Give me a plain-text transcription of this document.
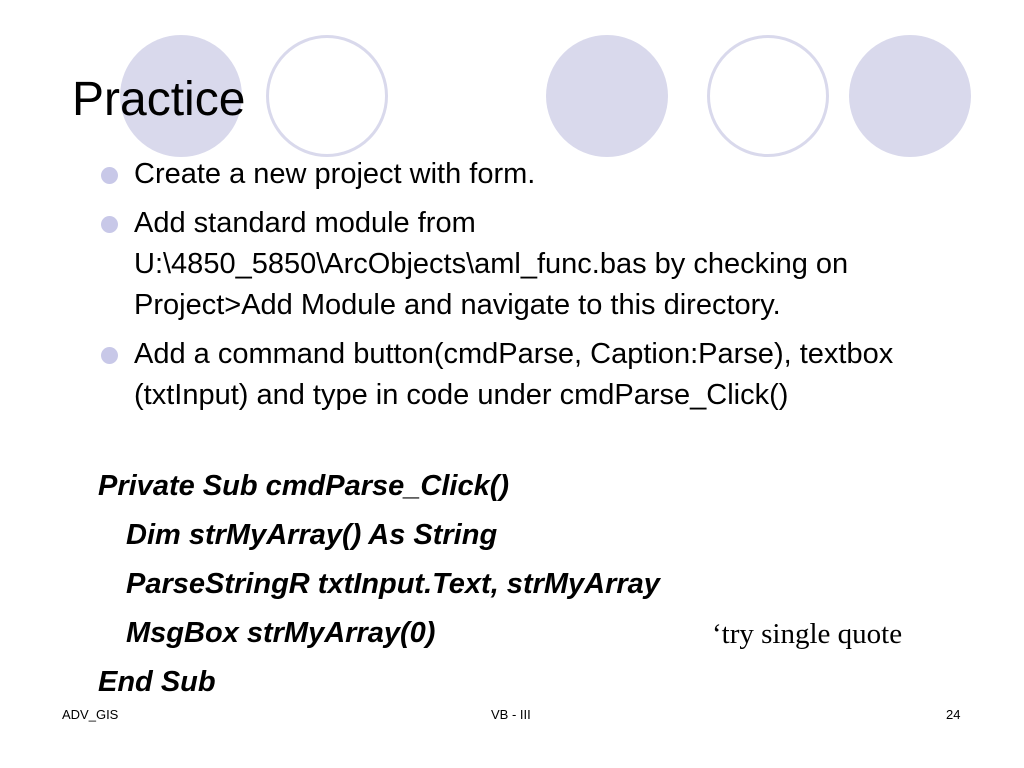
Practice
Create a new project with form.
Add standard module from U:\4850_5850\ArcObjects\aml_func.bas by checking on Project>Add Module and navigate to this directory.
Add a command button(cmdParse, Caption:Parse), textbox (txtInput) and type in code under cmdParse_Click()
Private Sub cmdParse_Click()
Dim strMyArray() As String
ParseStringR txtInput.Text, strMyArray
MsgBox strMyArray(0)
End Sub
‘try single quote
ADV_GIS	VB - III	24
